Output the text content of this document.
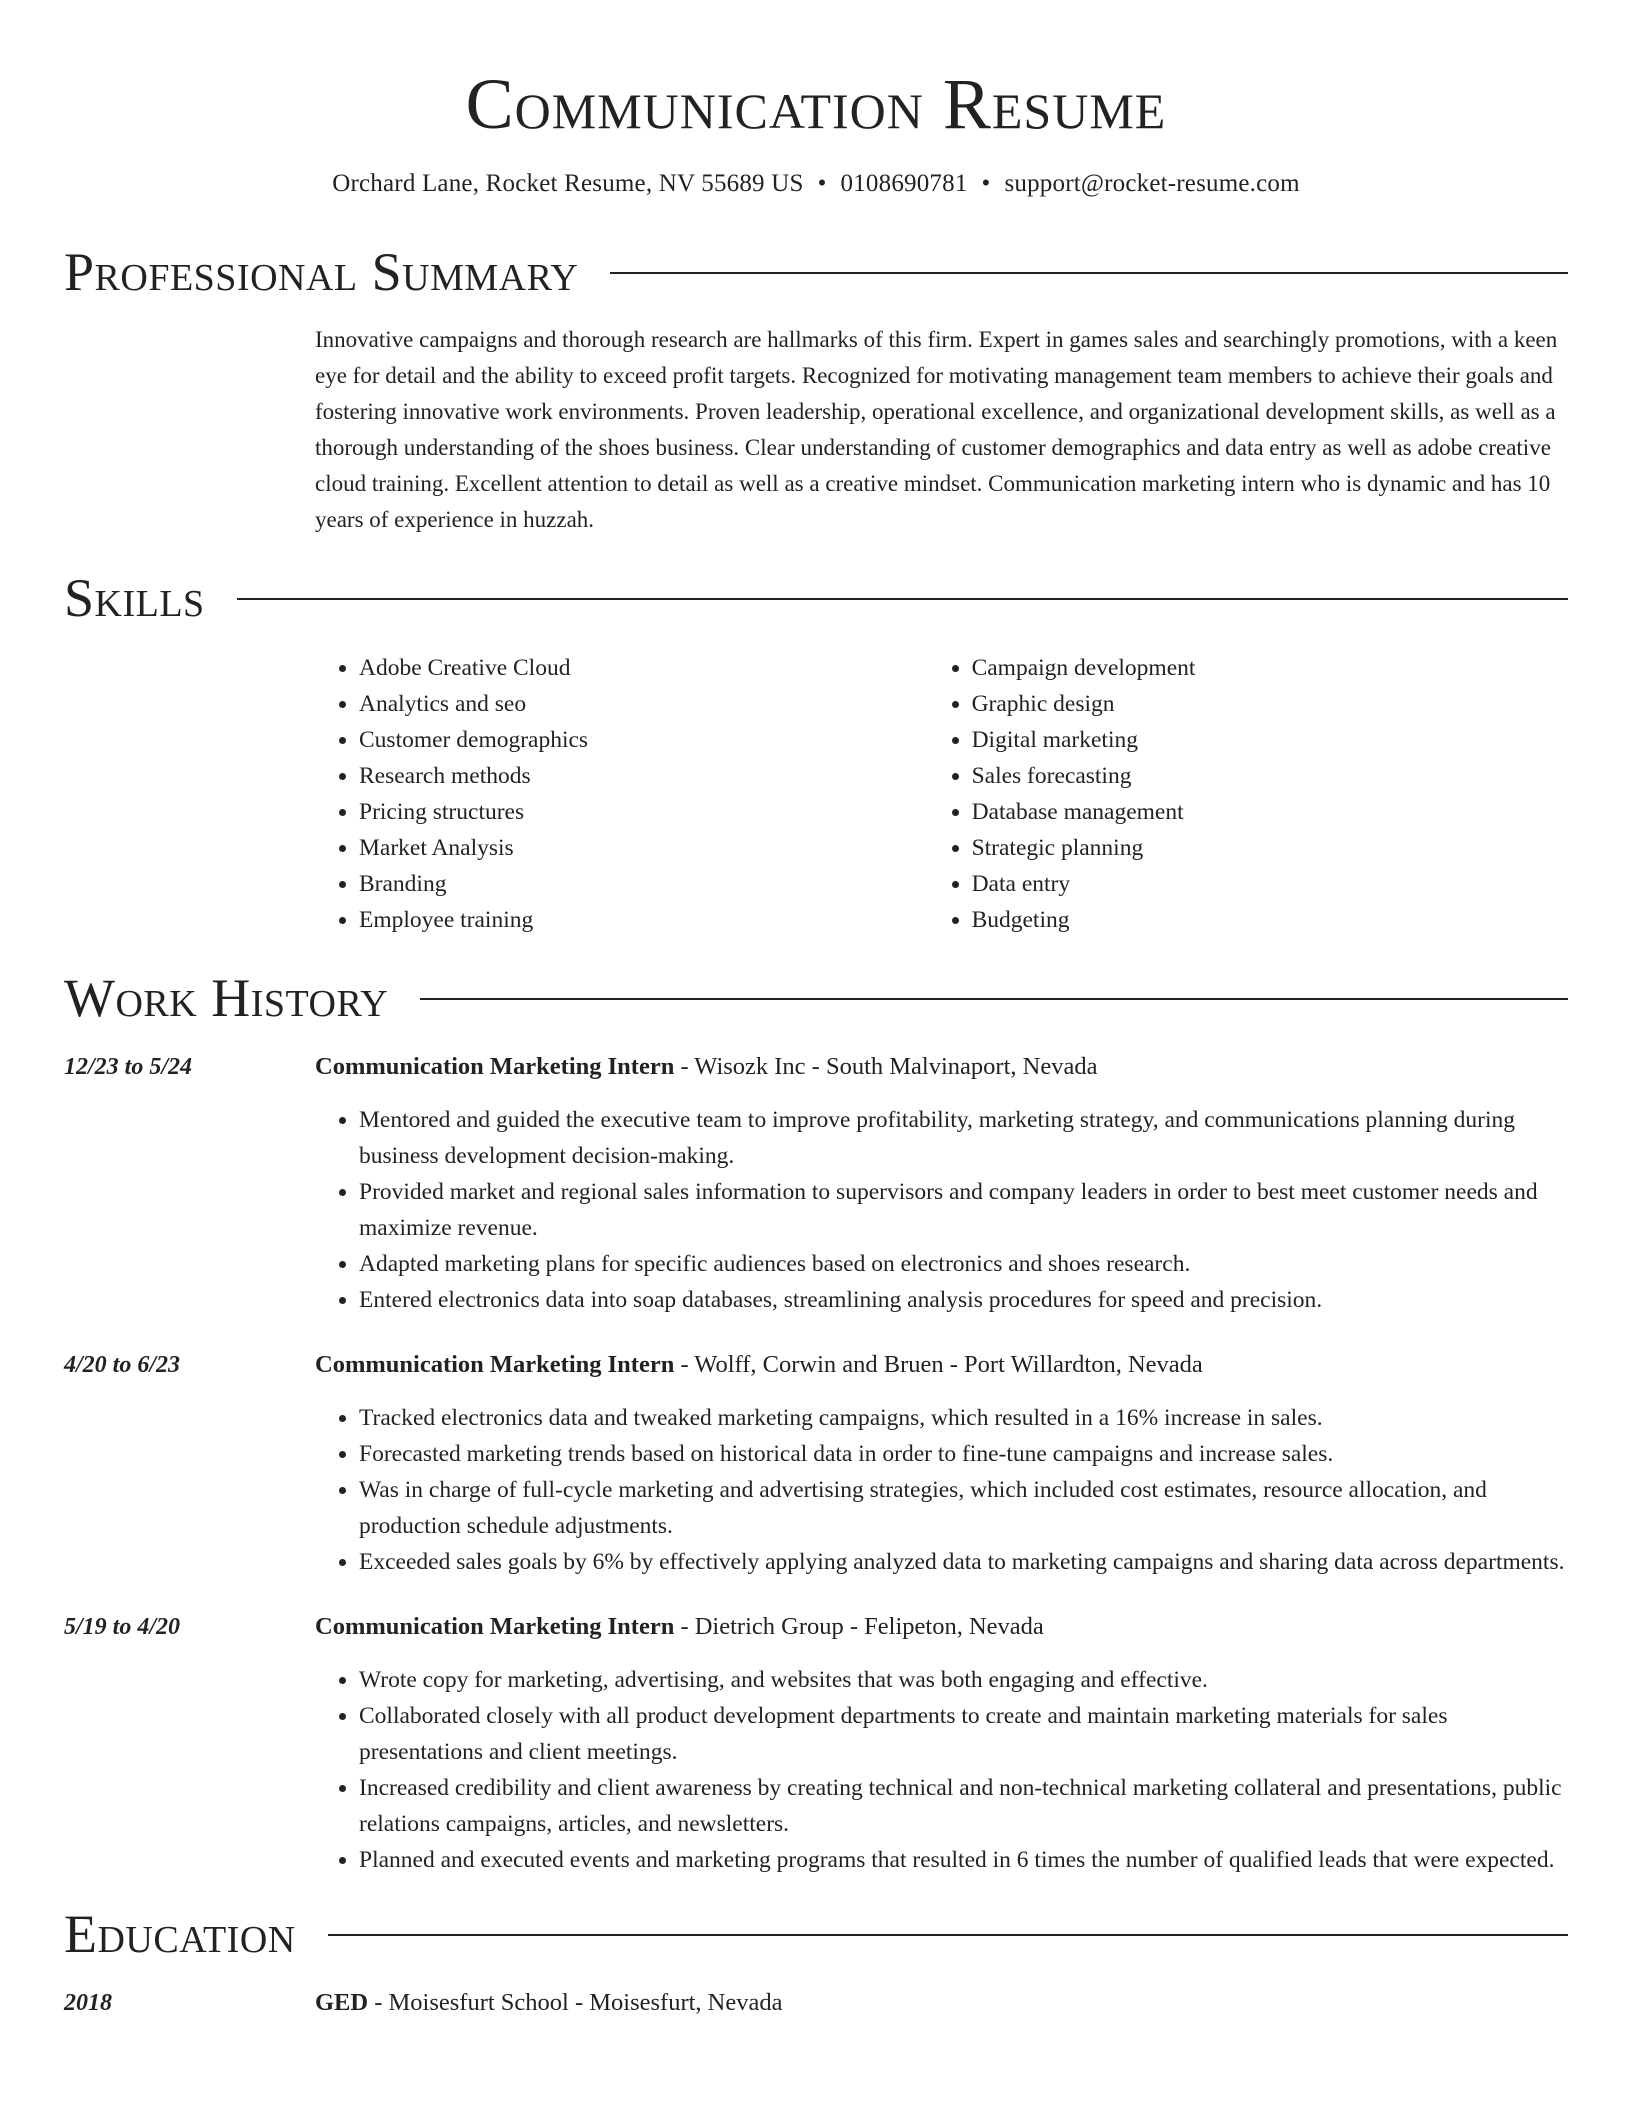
Communication Resume
Orchard Lane, Rocket Resume, NV 55689 US • 0108690781 • support@rocket-resume.com
Professional Summary
Innovative campaigns and thorough research are hallmarks of this firm. Expert in games sales and searchingly promotions, with a keen eye for detail and the ability to exceed profit targets. Recognized for motivating management team members to achieve their goals and fostering innovative work environments. Proven leadership, operational excellence, and organizational development skills, as well as a thorough understanding of the shoes business. Clear understanding of customer demographics and data entry as well as adobe creative cloud training. Excellent attention to detail as well as a creative mindset. Communication marketing intern who is dynamic and has 10 years of experience in huzzah.
Skills
• Adobe Creative Cloud
• Analytics and seo
• Customer demographics
• Research methods
• Pricing structures
• Market Analysis
• Branding
• Employee training
• Campaign development
• Graphic design
• Digital marketing
• Sales forecasting
• Database management
• Strategic planning
• Data entry
• Budgeting
Work History
12/23 to 5/24	Communication Marketing Intern - Wisozk Inc - South Malvinaport, Nevada
• Mentored and guided the executive team to improve profitability, marketing strategy, and communications planning during business development decision-making.
• Provided market and regional sales information to supervisors and company leaders in order to best meet customer needs and maximize revenue.
• Adapted marketing plans for specific audiences based on electronics and shoes research.
• Entered electronics data into soap databases, streamlining analysis procedures for speed and precision.
4/20 to 6/23	Communication Marketing Intern - Wolff, Corwin and Bruen - Port Willardton, Nevada
• Tracked electronics data and tweaked marketing campaigns, which resulted in a 16% increase in sales.
• Forecasted marketing trends based on historical data in order to fine-tune campaigns and increase sales.
• Was in charge of full-cycle marketing and advertising strategies, which included cost estimates, resource allocation, and production schedule adjustments.
• Exceeded sales goals by 6% by effectively applying analyzed data to marketing campaigns and sharing data across departments.
5/19 to 4/20	Communication Marketing Intern - Dietrich Group - Felipeton, Nevada
• Wrote copy for marketing, advertising, and websites that was both engaging and effective.
• Collaborated closely with all product development departments to create and maintain marketing materials for sales presentations and client meetings.
• Increased credibility and client awareness by creating technical and non-technical marketing collateral and presentations, public relations campaigns, articles, and newsletters.
• Planned and executed events and marketing programs that resulted in 6 times the number of qualified leads that were expected.
Education
2018	GED - Moisesfurt School - Moisesfurt, Nevada
